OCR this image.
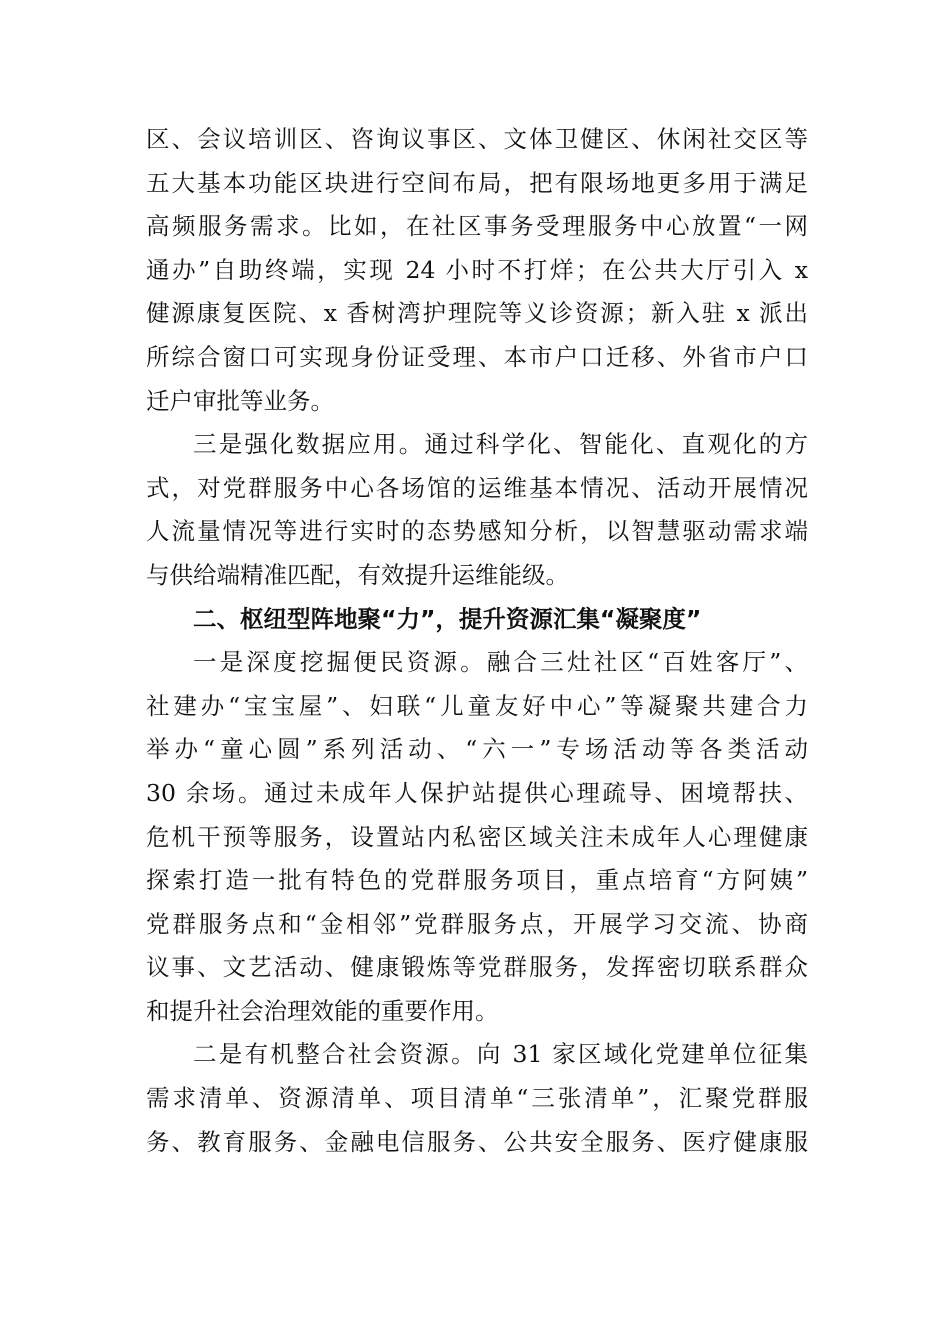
区、会议培训区、咨询议事区、文体卫健区、休闲社交区等
五大基本功能区块进行空间布局，把有限场地更多用于满足
高频服务需求。比如，在社区事务受理服务中心放置“一网
通办”自助终端，实现 24 小时不打烊；在公共大厅引入 x
健源康复医院、x 香树湾护理院等义诊资源；新入驻 x 派出
所综合窗口可实现身份证受理、本市户口迁移、外省市户口
迁户审批等业务。
三是强化数据应用。通过科学化、智能化、直观化的方
式，对党群服务中心各场馆的运维基本情况、活动开展情况
人流量情况等进行实时的态势感知分析，以智慧驱动需求端
与供给端精准匹配，有效提升运维能级。
二、枢纽型阵地聚“力”，提升资源汇集“凝聚度”
一是深度挖掘便民资源。融合三灶社区“百姓客厅”、
社建办“宝宝屋”、妇联“儿童友好中心”等凝聚共建合力
举办“童心圆”系列活动、“六一”专场活动等各类活动
30 余场。通过未成年人保护站提供心理疏导、困境帮扶、
危机干预等服务，设置站内私密区域关注未成年人心理健康
探索打造一批有特色的党群服务项目，重点培育“方阿姨”
党群服务点和“金相邻”党群服务点，开展学习交流、协商
议事、文艺活动、健康锻炼等党群服务，发挥密切联系群众
和提升社会治理效能的重要作用。
二是有机整合社会资源。向 31 家区域化党建单位征集
需求清单、资源清单、项目清单“三张清单”，汇聚党群服
务、教育服务、金融电信服务、公共安全服务、医疗健康服
